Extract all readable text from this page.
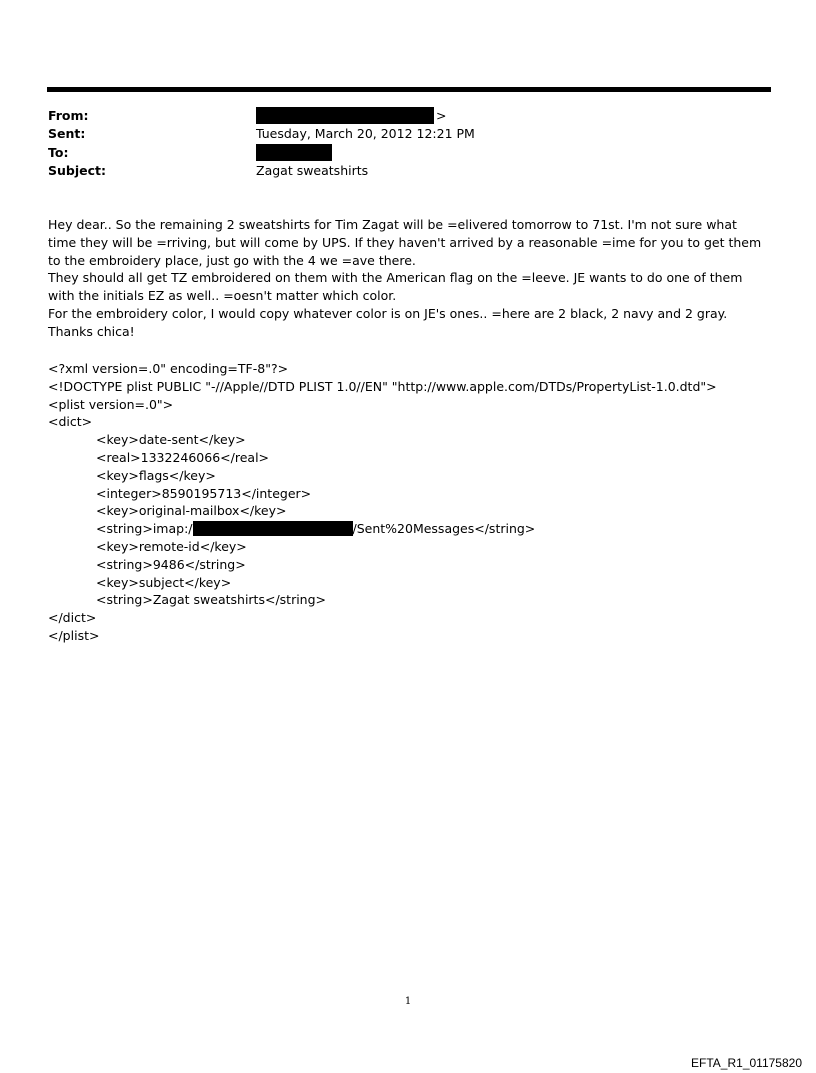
From:	>
Sent:	Tuesday, March 20, 2012 12:21 PM
To:
Subject:	Zagat sweatshirts

Hey dear.. So the remaining 2 sweatshirts for Tim Zagat will be =elivered tomorrow to 71st. I'm not sure what time they will be =rriving, but will come by UPS. If they haven't arrived by a reasonable =ime for you to get them to the embroidery place, just go with the 4 we =ave there.

They should all get TZ embroidered on them with the American flag on the =leeve. JE wants to do one of them with the initials EZ as well.. =oesn't matter which color.

For the embroidery color, I would copy whatever color is on JE's ones.. =here are 2 black, 2 navy and 2 gray.

Thanks chica!

<?xml version=.0" encoding=TF-8"?>
<!DOCTYPE plist PUBLIC "-//Apple//DTD PLIST 1.0//EN" "http://www.apple.com/DTDs/PropertyList-1.0.dtd">
<plist version=.0">
<dict>
<key>date-sent</key>
<real>1332246066</real>
<key>flags</key>
<integer>8590195713</integer>
<key>original-mailbox</key>
<string>imap:/	/Sent%20Messages</string>
<key>remote-id</key>
<string>9486</string>
<key>subject</key>
<string>Zagat sweatshirts</string>
</dict>
</plist>
1
EFTA_R1_01175820
